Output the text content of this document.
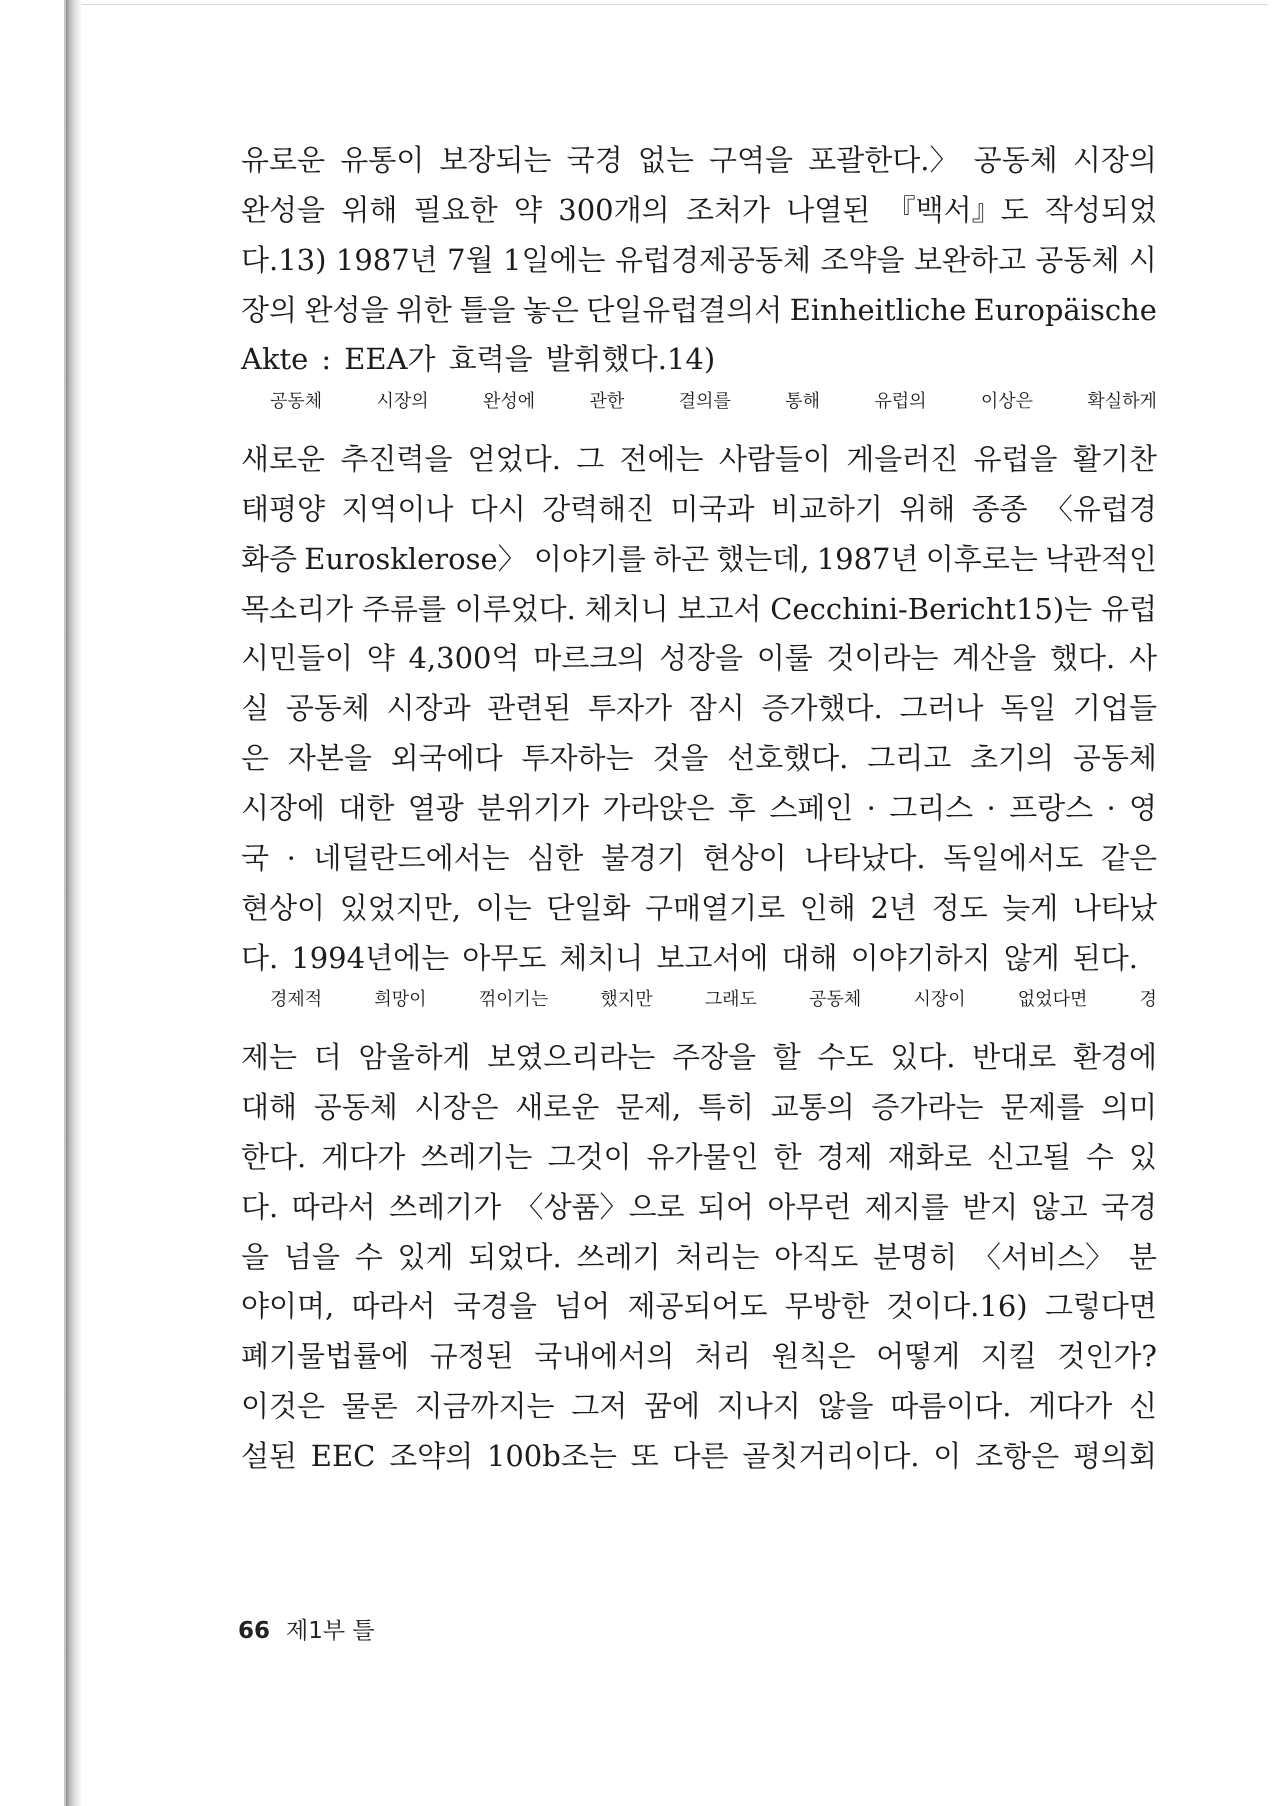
유로운 유통이 보장되는 국경 없는 구역을 포괄한다.〉 공동체 시장의
완성을 위해 필요한 약 300개의 조처가 나열된 『백서』도 작성되었
다.13) 1987년 7월 1일에는 유럽경제공동체 조약을 보완하고 공동체 시
장의 완성을 위한 틀을 놓은 단일유럽결의서 Einheitliche Europäische
Akte : EEA가 효력을 발휘했다.14)
공동체	시장의	완성에	관한	결의를	통해	유럽의	이상은	확실하게
새로운 추진력을 얻었다. 그 전에는 사람들이 게을러진 유럽을 활기찬
태평양 지역이나 다시 강력해진 미국과 비교하기 위해 종종 〈유럽경
화증 Eurosklerose〉 이야기를 하곤 했는데, 1987년 이후로는 낙관적인
목소리가 주류를 이루었다. 체치니 보고서 Cecchini-Bericht15)는 유럽
시민들이 약 4,300억 마르크의 성장을 이룰 것이라는 계산을 했다. 사
실 공동체 시장과 관련된 투자가 잠시 증가했다. 그러나 독일 기업들
은 자본을 외국에다 투자하는 것을 선호했다. 그리고 초기의 공동체
시장에 대한 열광 분위기가 가라앉은 후 스페인 · 그리스 · 프랑스 · 영
국 · 네덜란드에서는 심한 불경기 현상이 나타났다. 독일에서도 같은
현상이 있었지만, 이는 단일화 구매열기로 인해 2년 정도 늦게 나타났
다. 1994년에는 아무도 체치니 보고서에 대해 이야기하지 않게 된다.
경제적	희망이	꺾이기는	했지만	그래도	공동체	시장이	없었다면	경
제는 더 암울하게 보였으리라는 주장을 할 수도 있다. 반대로 환경에
대해 공동체 시장은 새로운 문제, 특히 교통의 증가라는 문제를 의미
한다. 게다가 쓰레기는 그것이 유가물인 한 경제 재화로 신고될 수 있
다. 따라서 쓰레기가 〈상품〉으로 되어 아무런 제지를 받지 않고 국경
을 넘을 수 있게 되었다. 쓰레기 처리는 아직도 분명히 〈서비스〉 분
야이며, 따라서 국경을 넘어 제공되어도 무방한 것이다.16) 그렇다면
폐기물법률에 규정된 국내에서의 처리 원칙은 어떻게 지킬 것인가?
이것은 물론 지금까지는 그저 꿈에 지나지 않을 따름이다. 게다가 신
설된 EEC 조약의 100b조는 또 다른 골칫거리이다. 이 조항은 평의회
66 제1부 틀
